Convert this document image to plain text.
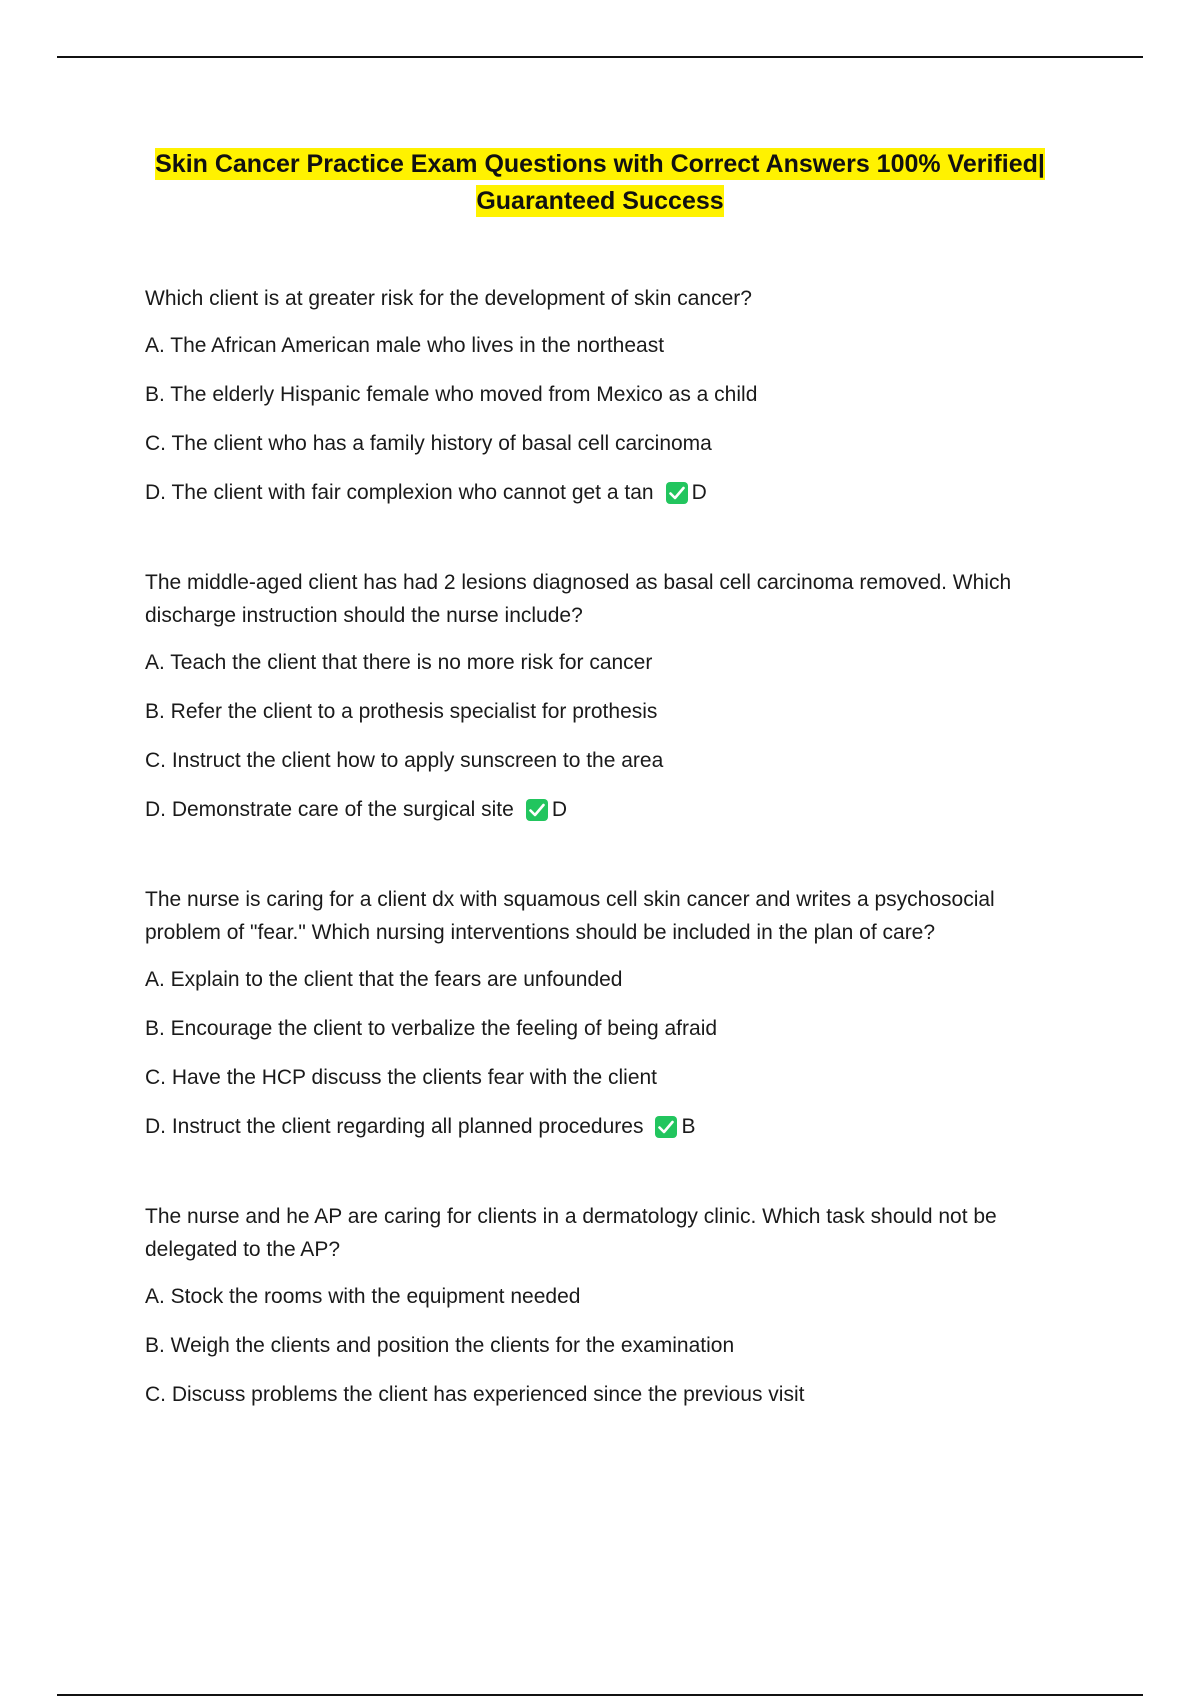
Skin Cancer Practice Exam Questions with Correct Answers 100% Verified|
Guaranteed Success

Which client is at greater risk for the development of skin cancer?

A. The African American male who lives in the northeast
B. The elderly Hispanic female who moved from Mexico as a child
C. The client who has a family history of basal cell carcinoma
D. The client with fair complexion who cannot get a tan D

The middle-aged client has had 2 lesions diagnosed as basal cell carcinoma removed. Which discharge instruction should the nurse include?

A. Teach the client that there is no more risk for cancer
B. Refer the client to a prothesis specialist for prothesis
C. Instruct the client how to apply sunscreen to the area
D. Demonstrate care of the surgical site D

The nurse is caring for a client dx with squamous cell skin cancer and writes a psychosocial problem of "fear." Which nursing interventions should be included in the plan of care?

A. Explain to the client that the fears are unfounded
B. Encourage the client to verbalize the feeling of being afraid
C. Have the HCP discuss the clients fear with the client
D. Instruct the client regarding all planned procedures B

The nurse and he AP are caring for clients in a dermatology clinic. Which task should not be delegated to the AP?

A. Stock the rooms with the equipment needed
B. Weigh the clients and position the clients for the examination
C. Discuss problems the client has experienced since the previous visit
